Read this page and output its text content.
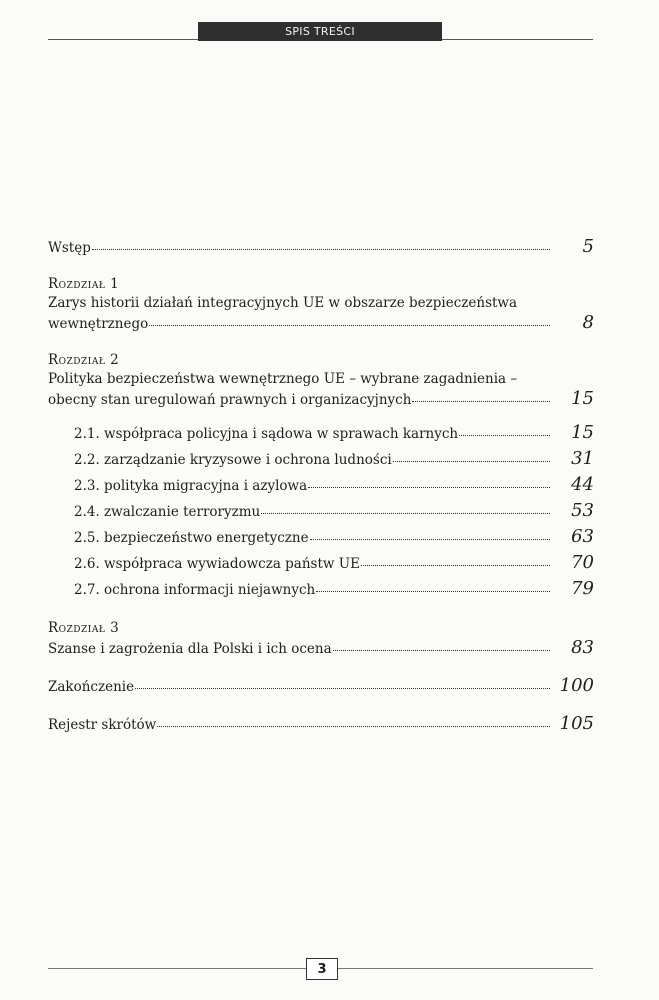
SPIS TREŚCI
Wstęp	5
Rozdział 1
Zarys historii działań integracyjnych UE w obszarze bezpieczeństwa
wewnętrznego	8
Rozdział 2
Polityka bezpieczeństwa wewnętrznego UE – wybrane zagadnienia –
obecny stan uregulowań prawnych i organizacyjnych	15
2.1. współpraca policyjna i sądowa w sprawach karnych	15
2.2. zarządzanie kryzysowe i ochrona ludności	31
2.3. polityka migracyjna i azylowa	44
2.4. zwalczanie terroryzmu	53
2.5. bezpieczeństwo energetyczne	63
2.6. współpraca wywiadowcza państw UE	70
2.7. ochrona informacji niejawnych	79
Rozdział 3
Szanse i zagrożenia dla Polski i ich ocena	83
Zakończenie	100
Rejestr skrótów	105
3
